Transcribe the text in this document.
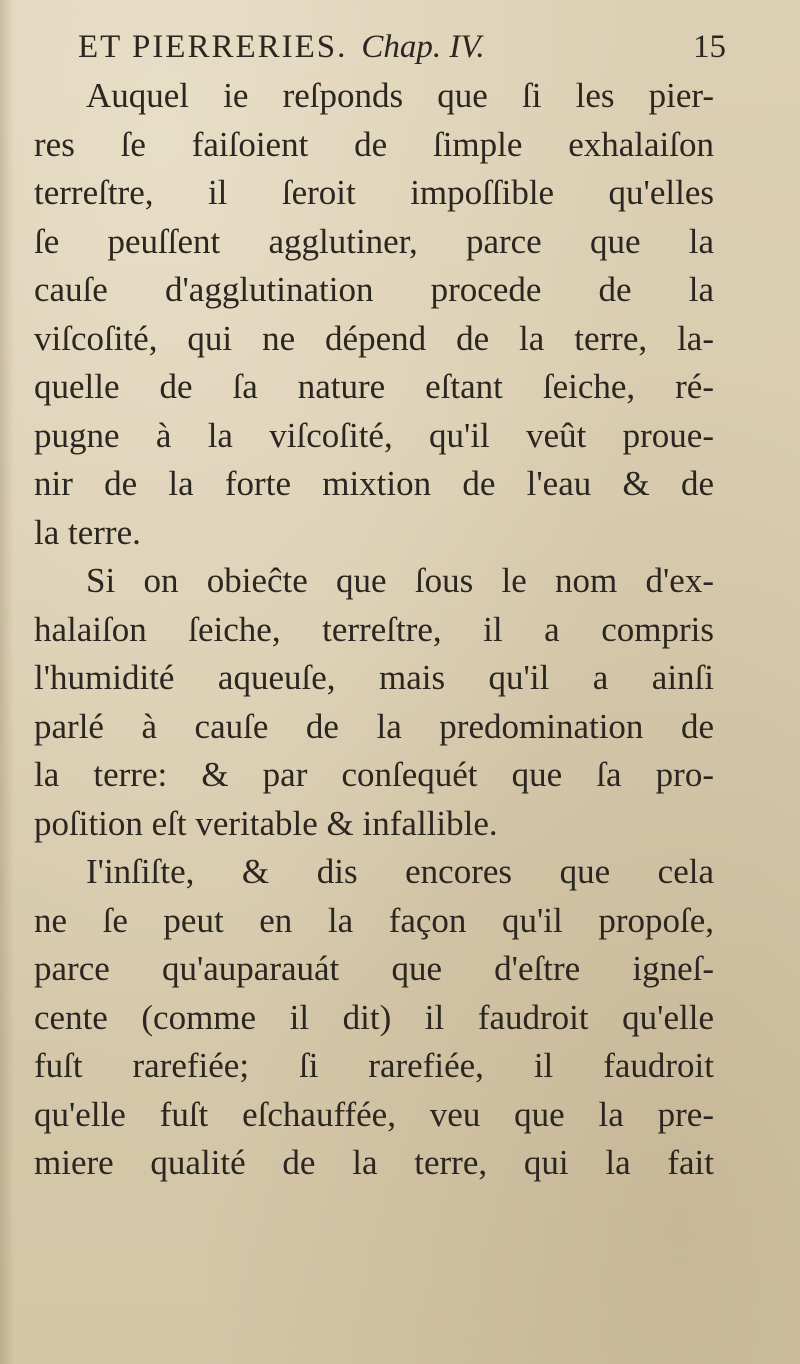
ET PIERRERIES. Chap. IV.	15
Auquel ie reſponds que ſi les pier-
res ſe faiſoient de ſimple exhalaiſon
terreſtre, il ſeroit impoſſible qu'elles
ſe peuſſent agglutiner, parce que la
cauſe d'agglutination procede de la
viſcoſité, qui ne dépend de la terre, la-
quelle de ſa nature eſtant ſeiche, ré-
pugne à la viſcoſité, qu'il veût proue-
nir de la forte mixtion de l'eau & de
la terre.
Si on obieĉte que ſous le nom d'ex-
halaiſon ſeiche, terreſtre, il a compris
l'humidité aqueuſe, mais qu'il a ainſi
parlé à cauſe de la predomination de
la terre: & par conſequét que ſa pro-
poſition eſt veritable & infallible.
I'inſiſte, & dis encores que cela
ne ſe peut en la façon qu'il propoſe,
parce qu'auparauát que d'eſtre igneſ-
cente (comme il dit) il faudroit qu'elle
fuſt rarefiée; ſi rarefiée, il faudroit
qu'elle fuſt eſchauffée, veu que la pre-
miere qualité de la terre, qui la fait
